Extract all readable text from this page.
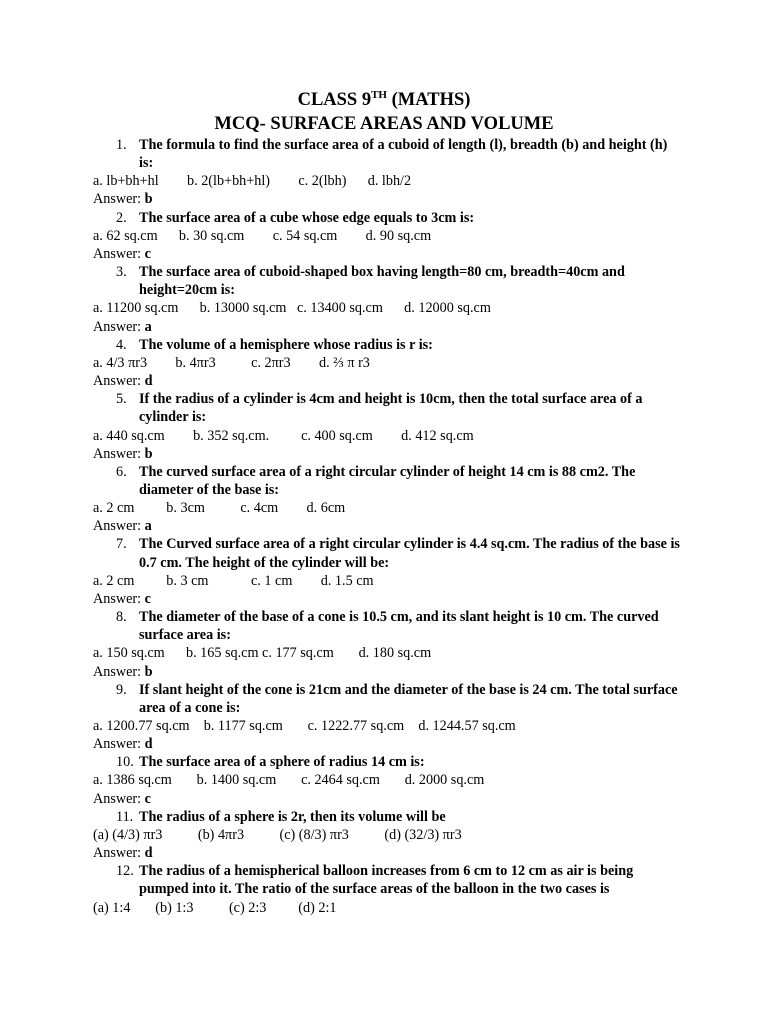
CLASS 9TH (MATHS)

MCQ- SURFACE AREAS AND VOLUME

1. The formula to find the surface area of a cuboid of length (l), breadth (b) and height (h) is:
a. lb+bh+hl        b. 2(lb+bh+hl)        c. 2(lbh)      d. lbh/2
Answer: b
2. The surface area of a cube whose edge equals to 3cm is:
a. 62 sq.cm      b. 30 sq.cm        c. 54 sq.cm        d. 90 sq.cm
Answer: c
3. The surface area of cuboid-shaped box having length=80 cm, breadth=40cm and height=20cm is:
a. 11200 sq.cm      b. 13000 sq.cm   c. 13400 sq.cm      d. 12000 sq.cm
Answer: a
4. The volume of a hemisphere whose radius is r is:
a. 4/3 πr3        b. 4πr3          c. 2πr3        d. ⅔ π r3
Answer: d
5. If the radius of a cylinder is 4cm and height is 10cm, then the total surface area of a cylinder is:
a. 440 sq.cm        b. 352 sq.cm.         c. 400 sq.cm        d. 412 sq.cm
Answer: b
6. The curved surface area of a right circular cylinder of height 14 cm is 88 cm2. The diameter of the base is:
a. 2 cm         b. 3cm          c. 4cm        d. 6cm
Answer: a
7. The Curved surface area of a right circular cylinder is 4.4 sq.cm. The radius of the base is 0.7 cm. The height of the cylinder will be:
a. 2 cm         b. 3 cm            c. 1 cm        d. 1.5 cm
Answer: c
8. The diameter of the base of a cone is 10.5 cm, and its slant height is 10 cm. The curved surface area is:
a. 150 sq.cm      b. 165 sq.cm c. 177 sq.cm       d. 180 sq.cm
Answer: b
9. If slant height of the cone is 21cm and the diameter of the base is 24 cm. The total surface area of a cone is:
a. 1200.77 sq.cm    b. 1177 sq.cm       c. 1222.77 sq.cm    d. 1244.57 sq.cm
Answer: d
10. The surface area of a sphere of radius 14 cm is:
a. 1386 sq.cm       b. 1400 sq.cm       c. 2464 sq.cm       d. 2000 sq.cm
Answer: c
11. The radius of a sphere is 2r, then its volume will be
(a) (4/3) πr3          (b) 4πr3          (c) (8/3) πr3          (d) (32/3) πr3
Answer: d
12. The radius of a hemispherical balloon increases from 6 cm to 12 cm as air is being pumped into it. The ratio of the surface areas of the balloon in the two cases is
(a) 1:4       (b) 1:3          (c) 2:3         (d) 2:1
